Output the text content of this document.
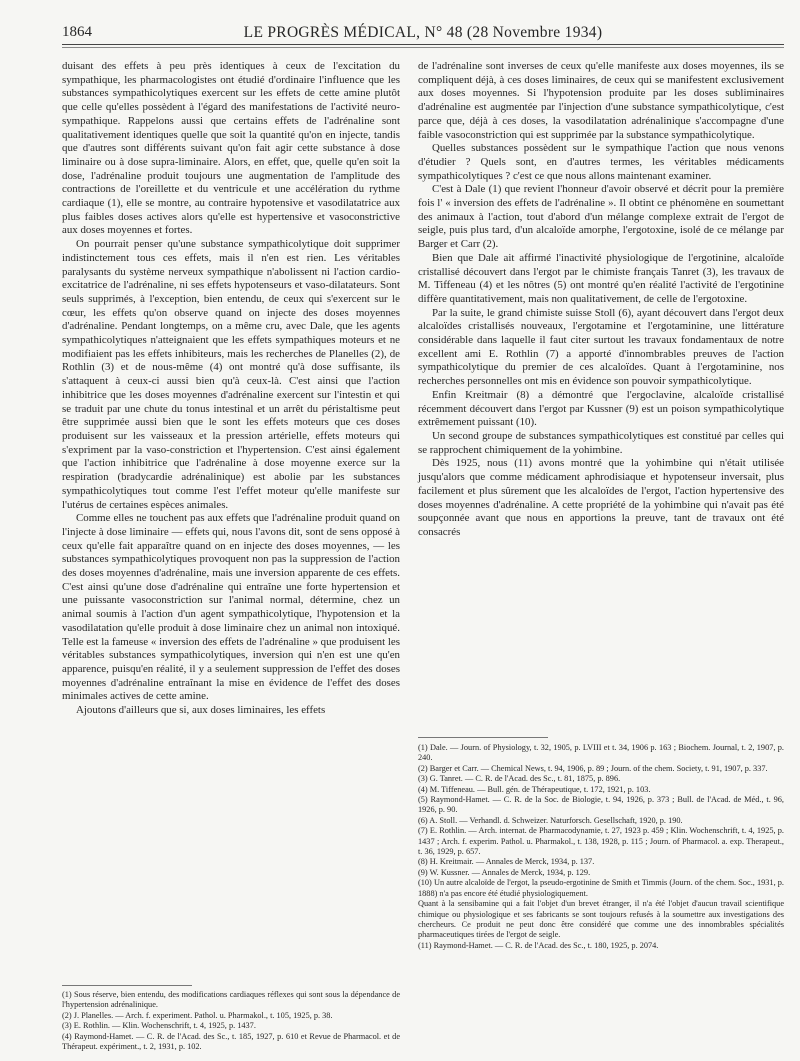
1864	LE PROGRÈS MÉDICAL, N° 48 (28 Novembre 1934)

duisant des effets à peu près identiques à ceux de l'excitation du sympathique, les pharmacologistes ont étudié d'ordinaire l'influence que les substances sympathicolytiques exercent sur les effets de cette amine plutôt que celle qu'elles possèdent à l'égard des manifestations de l'activité neuro-sympathique. Rappelons aussi que certains effets de l'adrénaline sont qualitativement identiques quelle que soit la quantité qu'on en injecte, tandis que d'autres sont différents suivant qu'on fait agir cette substance à dose liminaire ou à dose supra-liminaire. Alors, en effet, que, quelle qu'en soit la dose, l'adrénaline produit toujours une augmentation de l'amplitude des contractions de l'oreillette et du ventricule et une accélération du rythme cardiaque (1), elle se montre, au contraire hypotensive et vasodilatatrice aux plus faibles doses actives alors qu'elle est hypertensive et vasoconstrictive aux doses moyennes et fortes.

On pourrait penser qu'une substance sympathicolytique doit supprimer indistinctement tous ces effets, mais il n'en est rien. Les véritables paralysants du système nerveux sympathique n'abolissent ni l'action cardio-excitatrice de l'adrénaline, ni ses effets hypotenseurs et vaso-dilatateurs. Sont seuls supprimés, à l'exception, bien entendu, de ceux qui s'exercent sur le cœur, les effets qu'on observe quand on injecte des doses moyennes d'adrénaline. Pendant longtemps, on a même cru, avec Dale, que les agents sympathicolytiques n'atteignaient que les effets sympathiques moteurs et ne modifiaient pas les effets inhibiteurs, mais les recherches de Planelles (2), de Rothlin (3) et de nous-même (4) ont montré qu'à dose suffisante, ils s'attaquent à ceux-ci aussi bien qu'à ceux-là. C'est ainsi que l'action inhibitrice que les doses moyennes d'adrénaline exercent sur l'intestin et qui se traduit par une chute du tonus intestinal et un arrêt du péristaltisme peut être supprimée aussi bien que le sont les effets moteurs que ces doses produisent sur les vaisseaux et la pression artérielle, effets moteurs qui s'expriment par la vaso-constriction et l'hypertension. C'est ainsi également que l'action inhibitrice que l'adrénaline à dose moyenne exerce sur la respiration (bradycardie adrénalinique) est abolie par les substances sympathicolytiques tout comme l'est l'effet moteur qu'elle manifeste sur l'utérus de certaines espèces animales.

Comme elles ne touchent pas aux effets que l'adrénaline produit quand on l'injecte à dose liminaire — effets qui, nous l'avons dit, sont de sens opposé à ceux qu'elle fait apparaître quand on en injecte des doses moyennes, — les substances sympathicolytiques provoquent non pas la suppression de l'action des doses moyennes d'adrénaline, mais une inversion apparente de ces effets. C'est ainsi qu'une dose d'adrénaline qui entraîne une forte hypertension et une puissante vasoconstriction sur l'animal normal, détermine, chez un animal soumis à l'action d'un agent sympathicolytique, l'hypotension et la vasodilatation qu'elle produit à dose liminaire chez un animal non intoxiqué. Telle est la fameuse « inversion des effets de l'adrénaline » que produisent les véritables substances sympathicolytiques, inversion qui n'en est une qu'en apparence, puisqu'en réalité, il y a seulement suppression de l'effet des doses moyennes d'adrénaline entraînant la mise en évidence de l'effet des doses minimales actives de cette amine.

Ajoutons d'ailleurs que si, aux doses liminaires, les effets

de l'adrénaline sont inverses de ceux qu'elle manifeste aux doses moyennes, ils se compliquent déjà, à ces doses liminaires, de ceux qui se manifestent exclusivement aux doses moyennes. Si l'hypotension produite par les doses subliminaires d'adrénaline est augmentée par l'injection d'une substance sympathicolytique, c'est parce que, déjà à ces doses, la vasodilatation adrénalinique s'accompagne d'une faible vasoconstriction qui est supprimée par la substance sympathicolytique.

Quelles substances possèdent sur le sympathique l'action que nous venons d'étudier ? Quels sont, en d'autres termes, les véritables médicaments sympathicolytiques ? c'est ce que nous allons maintenant examiner.

C'est à Dale (1) que revient l'honneur d'avoir observé et décrit pour la première fois l' « inversion des effets de l'adrénaline ». Il obtint ce phénomène en soumettant des animaux à l'action, tout d'abord d'un mélange complexe extrait de l'ergot de seigle, puis plus tard, d'un alcaloïde amorphe, l'ergotoxine, isolé de ce mélange par Barger et Carr (2).

Bien que Dale ait affirmé l'inactivité physiologique de l'ergotinine, alcaloïde cristallisé découvert dans l'ergot par le chimiste français Tanret (3), les travaux de M. Tiffeneau (4) et les nôtres (5) ont montré qu'en réalité l'activité de l'ergotinine diffère quantitativement, mais non qualitativement, de celle de l'ergotoxine.

Par la suite, le grand chimiste suisse Stoll (6), ayant découvert dans l'ergot deux alcaloïdes cristallisés nouveaux, l'ergotamine et l'ergotaminine, une littérature considérable dans laquelle il faut citer surtout les travaux fondamentaux de notre excellent ami E. Rothlin (7) a apporté d'innombrables preuves de l'action sympathicolytique du premier de ces alcaloïdes. Quant à l'ergotaminine, nos recherches personnelles ont mis en évidence son pouvoir sympathicolytique.

Enfin Kreitmair (8) a démontré que l'ergoclavine, alcaloïde cristallisé récemment découvert dans l'ergot par Kussner (9) est un poison sympathicolytique extrêmement puissant (10).

Un second groupe de substances sympathicolytiques est constitué par celles qui se rapprochent chimiquement de la yohimbine.

Dès 1925, nous (11) avons montré que la yohimbine qui n'était utilisée jusqu'alors que comme médicament aphrodisiaque et hypotenseur inversait, plus facilement et plus sûrement que les alcaloïdes de l'ergot, l'action hypertensive des doses moyennes d'adrénaline. A cette propriété de la yohimbine qui n'avait pas été soupçonnée avant que nous en apportions la preuve, tant de travaux ont été consacrés

(1) Dale. — Journ. of Physiology, t. 32, 1905, p. LVIII et t. 34, 1906 p. 163 ; Biochem. Journal, t. 2, 1907, p. 240.

(2) Barger et Carr. — Chemical News, t. 94, 1906, p. 89 ; Journ. of the chem. Society, t. 91, 1907, p. 337.

(3) G. Tanret. — C. R. de l'Acad. des Sc., t. 81, 1875, p. 896.

(4) M. Tiffeneau. — Bull. gén. de Thérapeutique, t. 172, 1921, p. 103.

(5) Raymond-Hamet. — C. R. de la Soc. de Biologie, t. 94, 1926, p. 373 ; Bull. de l'Acad. de Méd., t. 96, 1926, p. 90.

(6) A. Stoll. — Verhandl. d. Schweizer. Naturforsch. Gesellschaft, 1920, p. 190.

(7) E. Rothlin. — Arch. internat. de Pharmacodynamie, t. 27, 1923 p. 459 ; Klin. Wochenschrift, t. 4, 1925, p. 1437 ; Arch. f. experim. Pathol. u. Pharmakol., t. 138, 1928, p. 115 ; Journ. of Pharmacol. a. exp. Therapeut., t. 36, 1929, p. 657.

(8) H. Kreitmair. — Annales de Merck, 1934, p. 137.

(9) W. Kussner. — Annales de Merck, 1934, p. 129.

(10) Un autre alcaloïde de l'ergot, la pseudo-ergotinine de Smith et Timmis (Journ. of the chem. Soc., 1931, p. 1888) n'a pas encore été étudié physiologiquement.

Quant à la sensibamine qui a fait l'objet d'un brevet étranger, il n'a été l'objet d'aucun travail scientifique chimique ou physiologique et ses fabricants se sont toujours refusés à la soumettre aux investigations des chercheurs. Ce produit ne peut donc être considéré que comme une des innombrables spécialités pharmaceutiques tirées de l'ergot de seigle.

(11) Raymond-Hamet. — C. R. de l'Acad. des Sc., t. 180, 1925, p. 2074.

(1) Sous réserve, bien entendu, des modifications cardiaques réflexes qui sont sous la dépendance de l'hypertension adrénalinique.

(2) J. Planelles. — Arch. f. experiment. Pathol. u. Pharmakol., t. 105, 1925, p. 38.

(3) E. Rothlin. — Klin. Wochenschrift, t. 4, 1925, p. 1437.

(4) Raymond-Hamet. — C. R. de l'Acad. des Sc., t. 185, 1927, p. 610 et Revue de Pharmacol. et de Thérapeut. expériment., t. 2, 1931, p. 102.
